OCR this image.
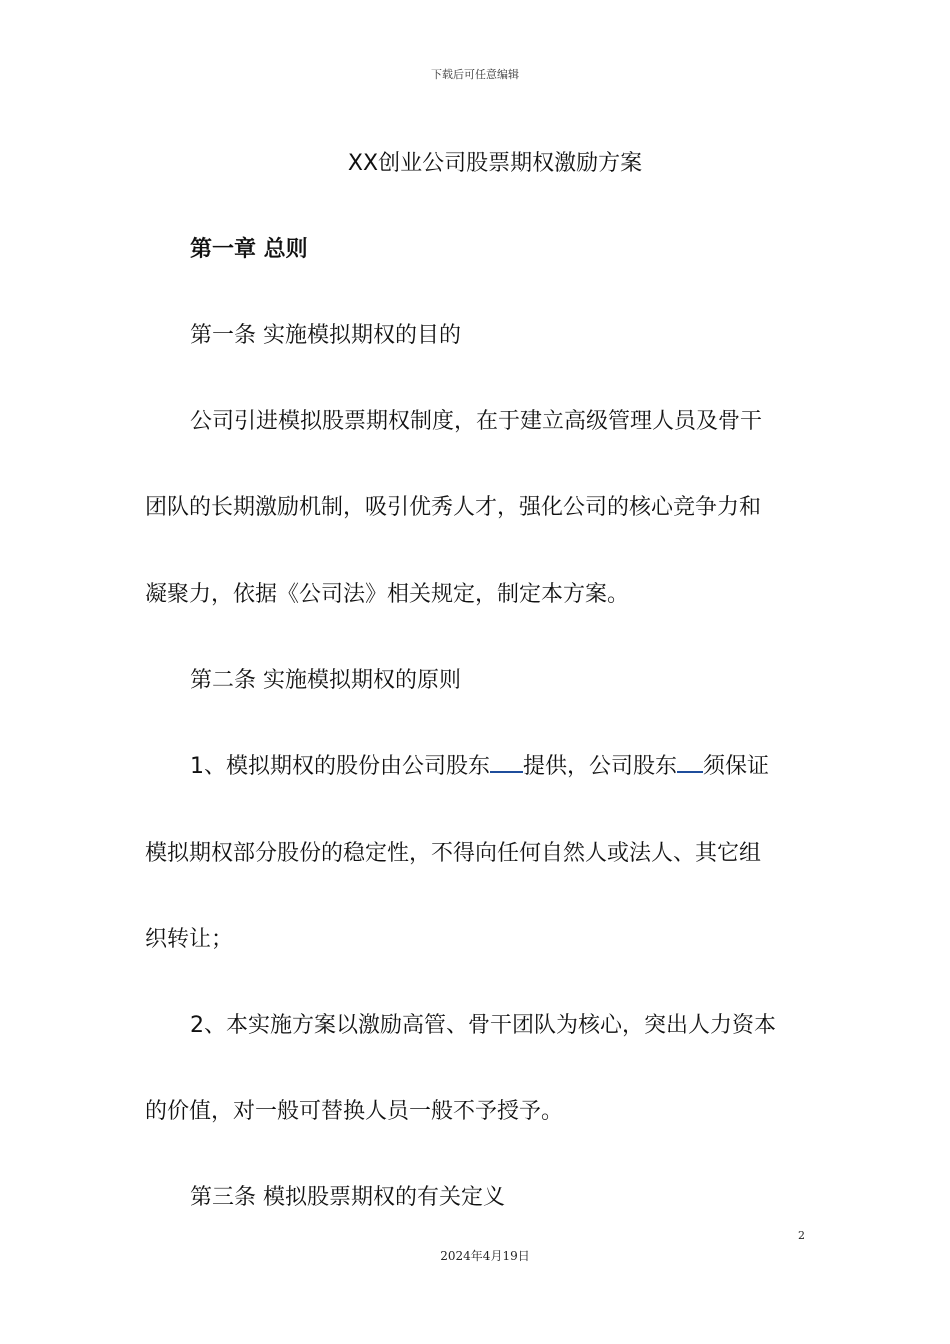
下载后可任意编辑
XX创业公司股票期权激励方案
第一章 总则
第一条 实施模拟期权的目的
公司引进模拟股票期权制度，在于建立高级管理人员及骨干
团队的长期激励机制，吸引优秀人才，强化公司的核心竞争力和
凝聚力，依据《公司法》相关规定，制定本方案。
第二条 实施模拟期权的原则
1、模拟期权的股份由公司股东 提供，公司股东 须保证
模拟期权部分股份的稳定性，不得向任何自然人或法人、其它组
织转让；
2、本实施方案以激励高管、骨干团队为核心，突出人力资本
的价值，对一般可替换人员一般不予授予。
第三条 模拟股票期权的有关定义
2
2024年4月19日
